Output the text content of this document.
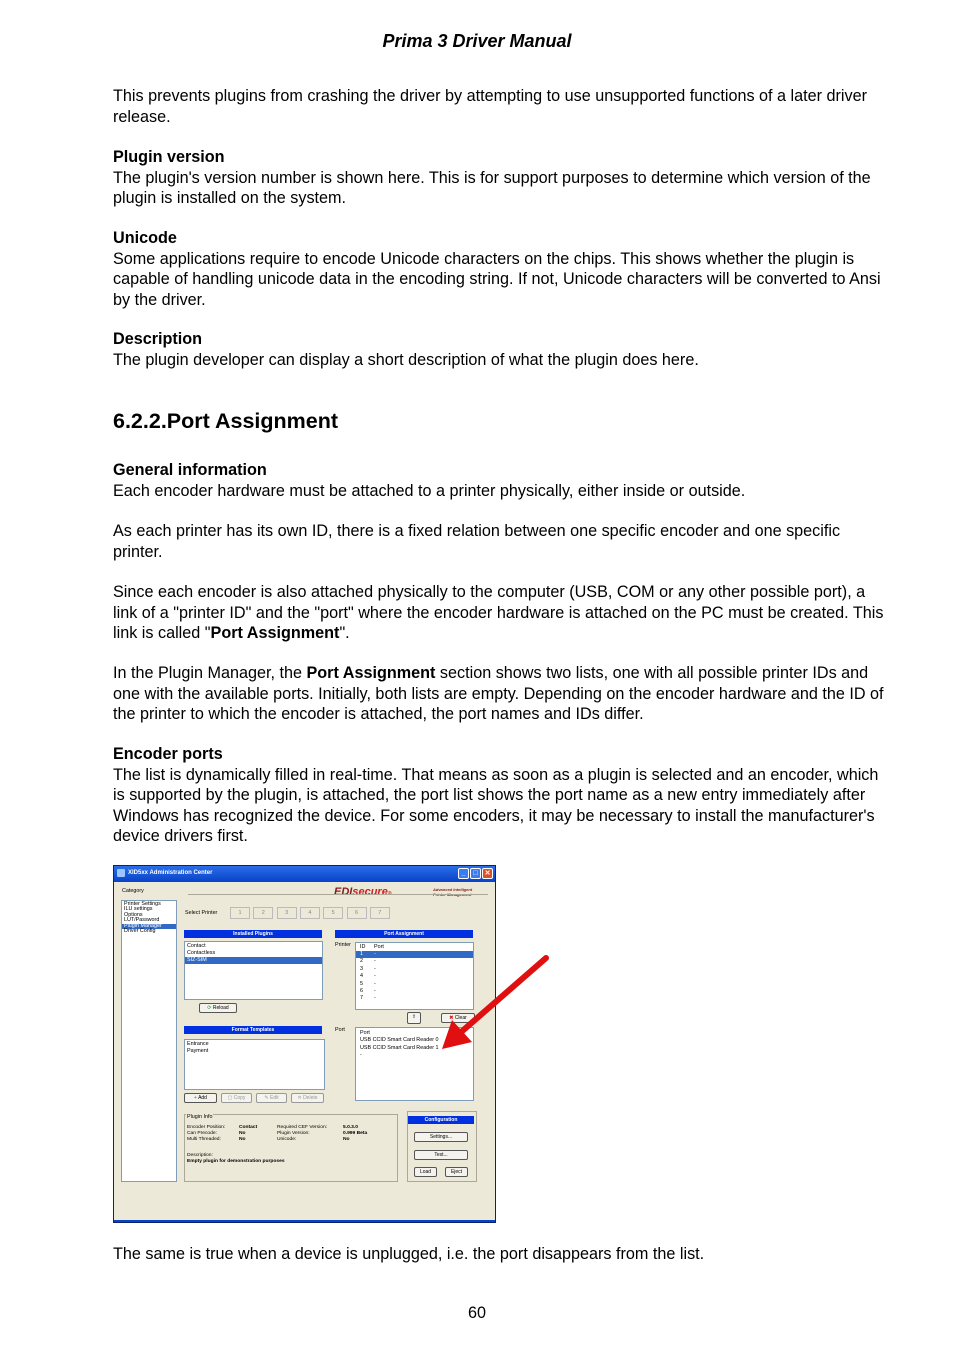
Prima 3 Driver Manual

This prevents plugins from crashing the driver by attempting to use unsupported functions of a later driver release.

Plugin version
The plugin's version number is shown here. This is for support purposes to determine which version of the plugin is installed on the system.
Unicode
Some applications require to encode Unicode characters on the chips. This shows whether the plugin is capable of handling unicode data in the encoding string. If not, Unicode characters will be converted to Ansi by the driver.
Description
The plugin developer can display a short description of what the plugin does here.
6.2.2.Port Assignment
General information
Each encoder hardware must be attached to a printer physically, either inside or outside.

As each printer has its own ID, there is a fixed relation between one specific encoder and one specific printer.

Since each encoder is also attached physically to the computer (USB, COM or any other possible port), a link of a "printer ID" and the "port" where the encoder hardware is attached on the PC must be created. This link is called "Port Assignment".

In the Plugin Manager, the Port Assignment section shows two lists, one with all possible printer IDs and one with the available ports. Initially, both lists are empty. Depending on the encoder hardware and the ID of the printer to which the encoder is attached, the port names and IDs differ.

Encoder ports
The list is dynamically filled in real-time. That means as soon as a plugin is selected and an encoder, which is supported by the plugin, is attached, the port list shows the port name as a new entry immediately after Windows has recognized the device. For some encoders, it may be necessary to install the manufacturer's device drivers first.
XID5xx Administration Center	_	□ ✕
Category
Printer Settings
ILU settings
Options
LUT/Password
Plugin Manager
Driver Config
EDIsecure®
Advanced Intelligent
Printer Management
Select Printer
Installed Plugins
Contact
Contactless
SIZ-SIM
⟳ Reload
Format Templates
Entrance
Payment
+ Add	▢ Copy	✎ Edit	✕ Delete
Port Assignment
Printer	ID	Port
1	-
2	-
3	-
4	-
5	-
6	-
7	-
⇧	✖ Clear
Port	Port
USB CCID Smart Card Reader 0
USB CCID Smart Card Reader 1
-
Plugin Info
Encoder Position:	Contact
Can Precode:	No
Multi Threaded:	No
Required CEF Version:	5.0.3.0
Plugin Version:	0.999 Beta
Unicode:	No
Description:
Empty plugin for demonstration purposes
Configuration
Settings...
Test...
Load	Eject
1	2	3	4	5	6	7

The same is true when a device is unplugged, i.e. the port disappears from the list.

60
